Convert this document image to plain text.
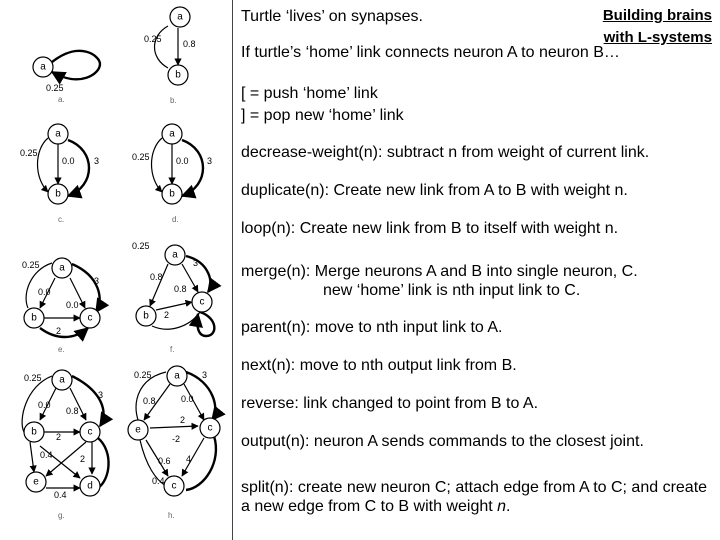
a
0.25
a.
a
b
0.25 0.8
b.
a
b
0.25
0.0 3
c.
a
b
0.25	0.0 3
d.
a
b	c
0.25
0.0
0.0
3
2
e.
a
b
c
0.25
0.8
0.8
3
2
f.
a
b	c
e	d
0.25
0.0
0.8
3
2
0.4	2
0.4
g.
a
e	c
c
0.25
0.8	0.0
3
2
-2
0.6
0.4
4
h.
Turtle ‘lives’ on synapses.	Building brains with L-systems
If turtle’s ‘home’ link connects neuron A to neuron B…
[ = push ‘home’ link
] = pop new ‘home’ link
decrease-weight(n): subtract n from weight of current link.
duplicate(n): Create new link from A to B with weight n.
loop(n): Create new link from B to itself with weight n.
merge(n): Merge neurons A and B into single neuron, C.
new ‘home’ link is nth input link to C.
parent(n): move to nth input link to A.
next(n): move to nth output link from B.
reverse: link changed to point from B to A.
output(n): neuron A sends commands to the closest joint.
split(n): create new neuron C; attach edge from A to C; and create a new edge from C to B with weight n.
